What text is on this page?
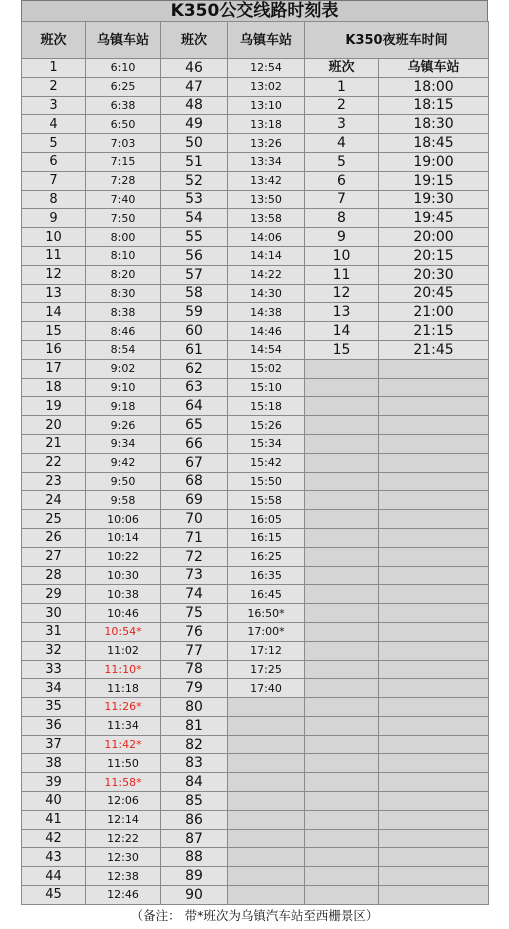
K350公交线路时刻表
班次	乌镇车站	班次	乌镇车站	K350夜班车时间	
1	6:10	46	12:54	班次	乌镇车站
2	6:25	47	13:02	1	18:00
3	6:38	48	13:10	2	18:15
4	6:50	49	13:18	3	18:30
5	7:03	50	13:26	4	18:45
6	7:15	51	13:34	5	19:00
7	7:28	52	13:42	6	19:15
8	7:40	53	13:50	7	19:30
9	7:50	54	13:58	8	19:45
10	8:00	55	14:06	9	20:00
11	8:10	56	14:14	10	20:15
12	8:20	57	14:22	11	20:30
13	8:30	58	14:30	12	20:45
14	8:38	59	14:38	13	21:00
15	8:46	60	14:46	14	21:15
16	8:54	61	14:54	15	21:45
17	9:02	62	15:02		
18	9:10	63	15:10		
19	9:18	64	15:18		
20	9:26	65	15:26		
21	9:34	66	15:34		
22	9:42	67	15:42		
23	9:50	68	15:50		
24	9:58	69	15:58		
25	10:06	70	16:05		
26	10:14	71	16:15		
27	10:22	72	16:25		
28	10:30	73	16:35		
29	10:38	74	16:45		
30	10:46	75	16:50*		
31	10:54*	76	17:00*		
32	11:02	77	17:12		
33	11:10*	78	17:25		
34	11:18	79	17:40		
35	11:26*	80			
36	11:34	81			
37	11:42*	82			
38	11:50	83			
39	11:58*	84			
40	12:06	85			
41	12:14	86			
42	12:22	87			
43	12:30	88			
44	12:38	89			
45	12:46	90			
（备注： 带*班次为乌镇汽车站至西栅景区）
